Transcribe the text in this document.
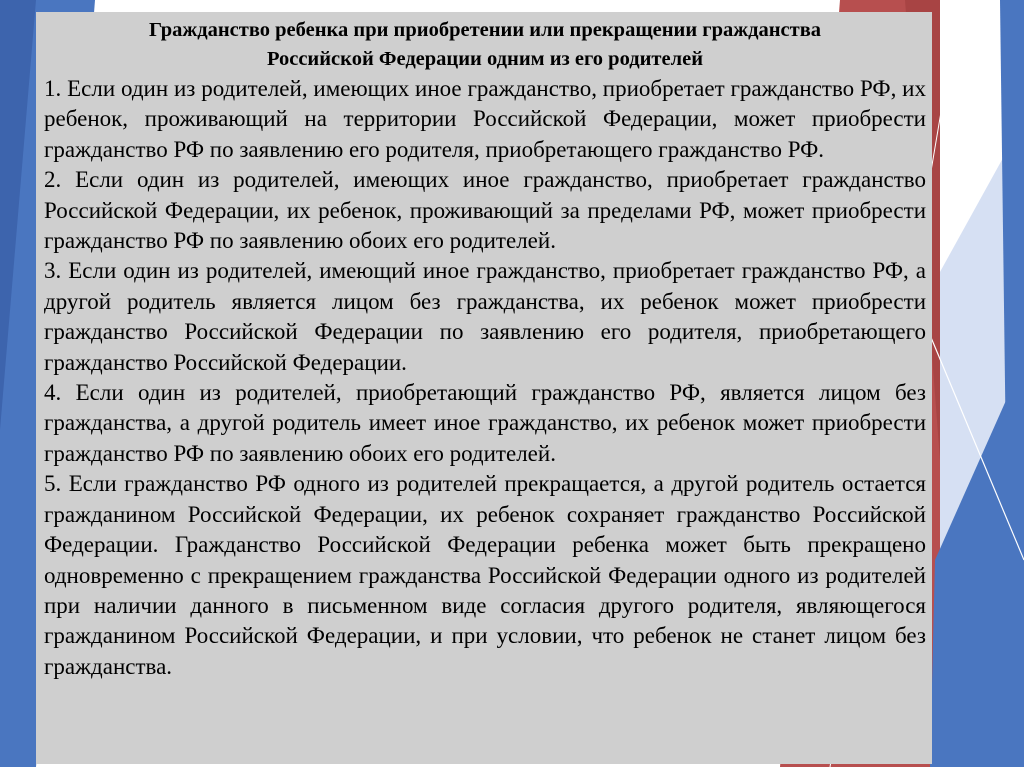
Гражданство ребенка при приобретении или прекращении гражданства
Российской Федерации одним из его родителей

1. Если один из родителей, имеющих иное гражданство, приобретает гражданство РФ, их ребенок, проживающий на территории Российской Федерации, может приобрести гражданство РФ по заявлению его родителя, приобретающего гражданство РФ.

2. Если один из родителей, имеющих иное гражданство, приобретает гражданство Российской Федерации, их ребенок, проживающий за пределами РФ, может приобрести гражданство РФ по заявлению обоих его родителей.

3. Если один из родителей, имеющий иное гражданство, приобретает гражданство РФ, а другой родитель является лицом без гражданства, их ребенок может приобрести гражданство Российской Федерации по заявлению его родителя, приобретающего гражданство Российской Федерации.

4. Если один из родителей, приобретающий гражданство РФ, является лицом без гражданства, а другой родитель имеет иное гражданство, их ребенок может приобрести гражданство РФ по заявлению обоих его родителей.

5. Если гражданство РФ одного из родителей прекращается, а другой родитель остается гражданином Российской Федерации, их ребенок сохраняет гражданство Российской Федерации. Гражданство Российской Федерации ребенка может быть прекращено одновременно с прекращением гражданства Российской Федерации одного из родителей при наличии данного в письменном виде согласия другого родителя, являющегося гражданином Российской Федерации, и при условии, что ребенок не станет лицом без гражданства.
